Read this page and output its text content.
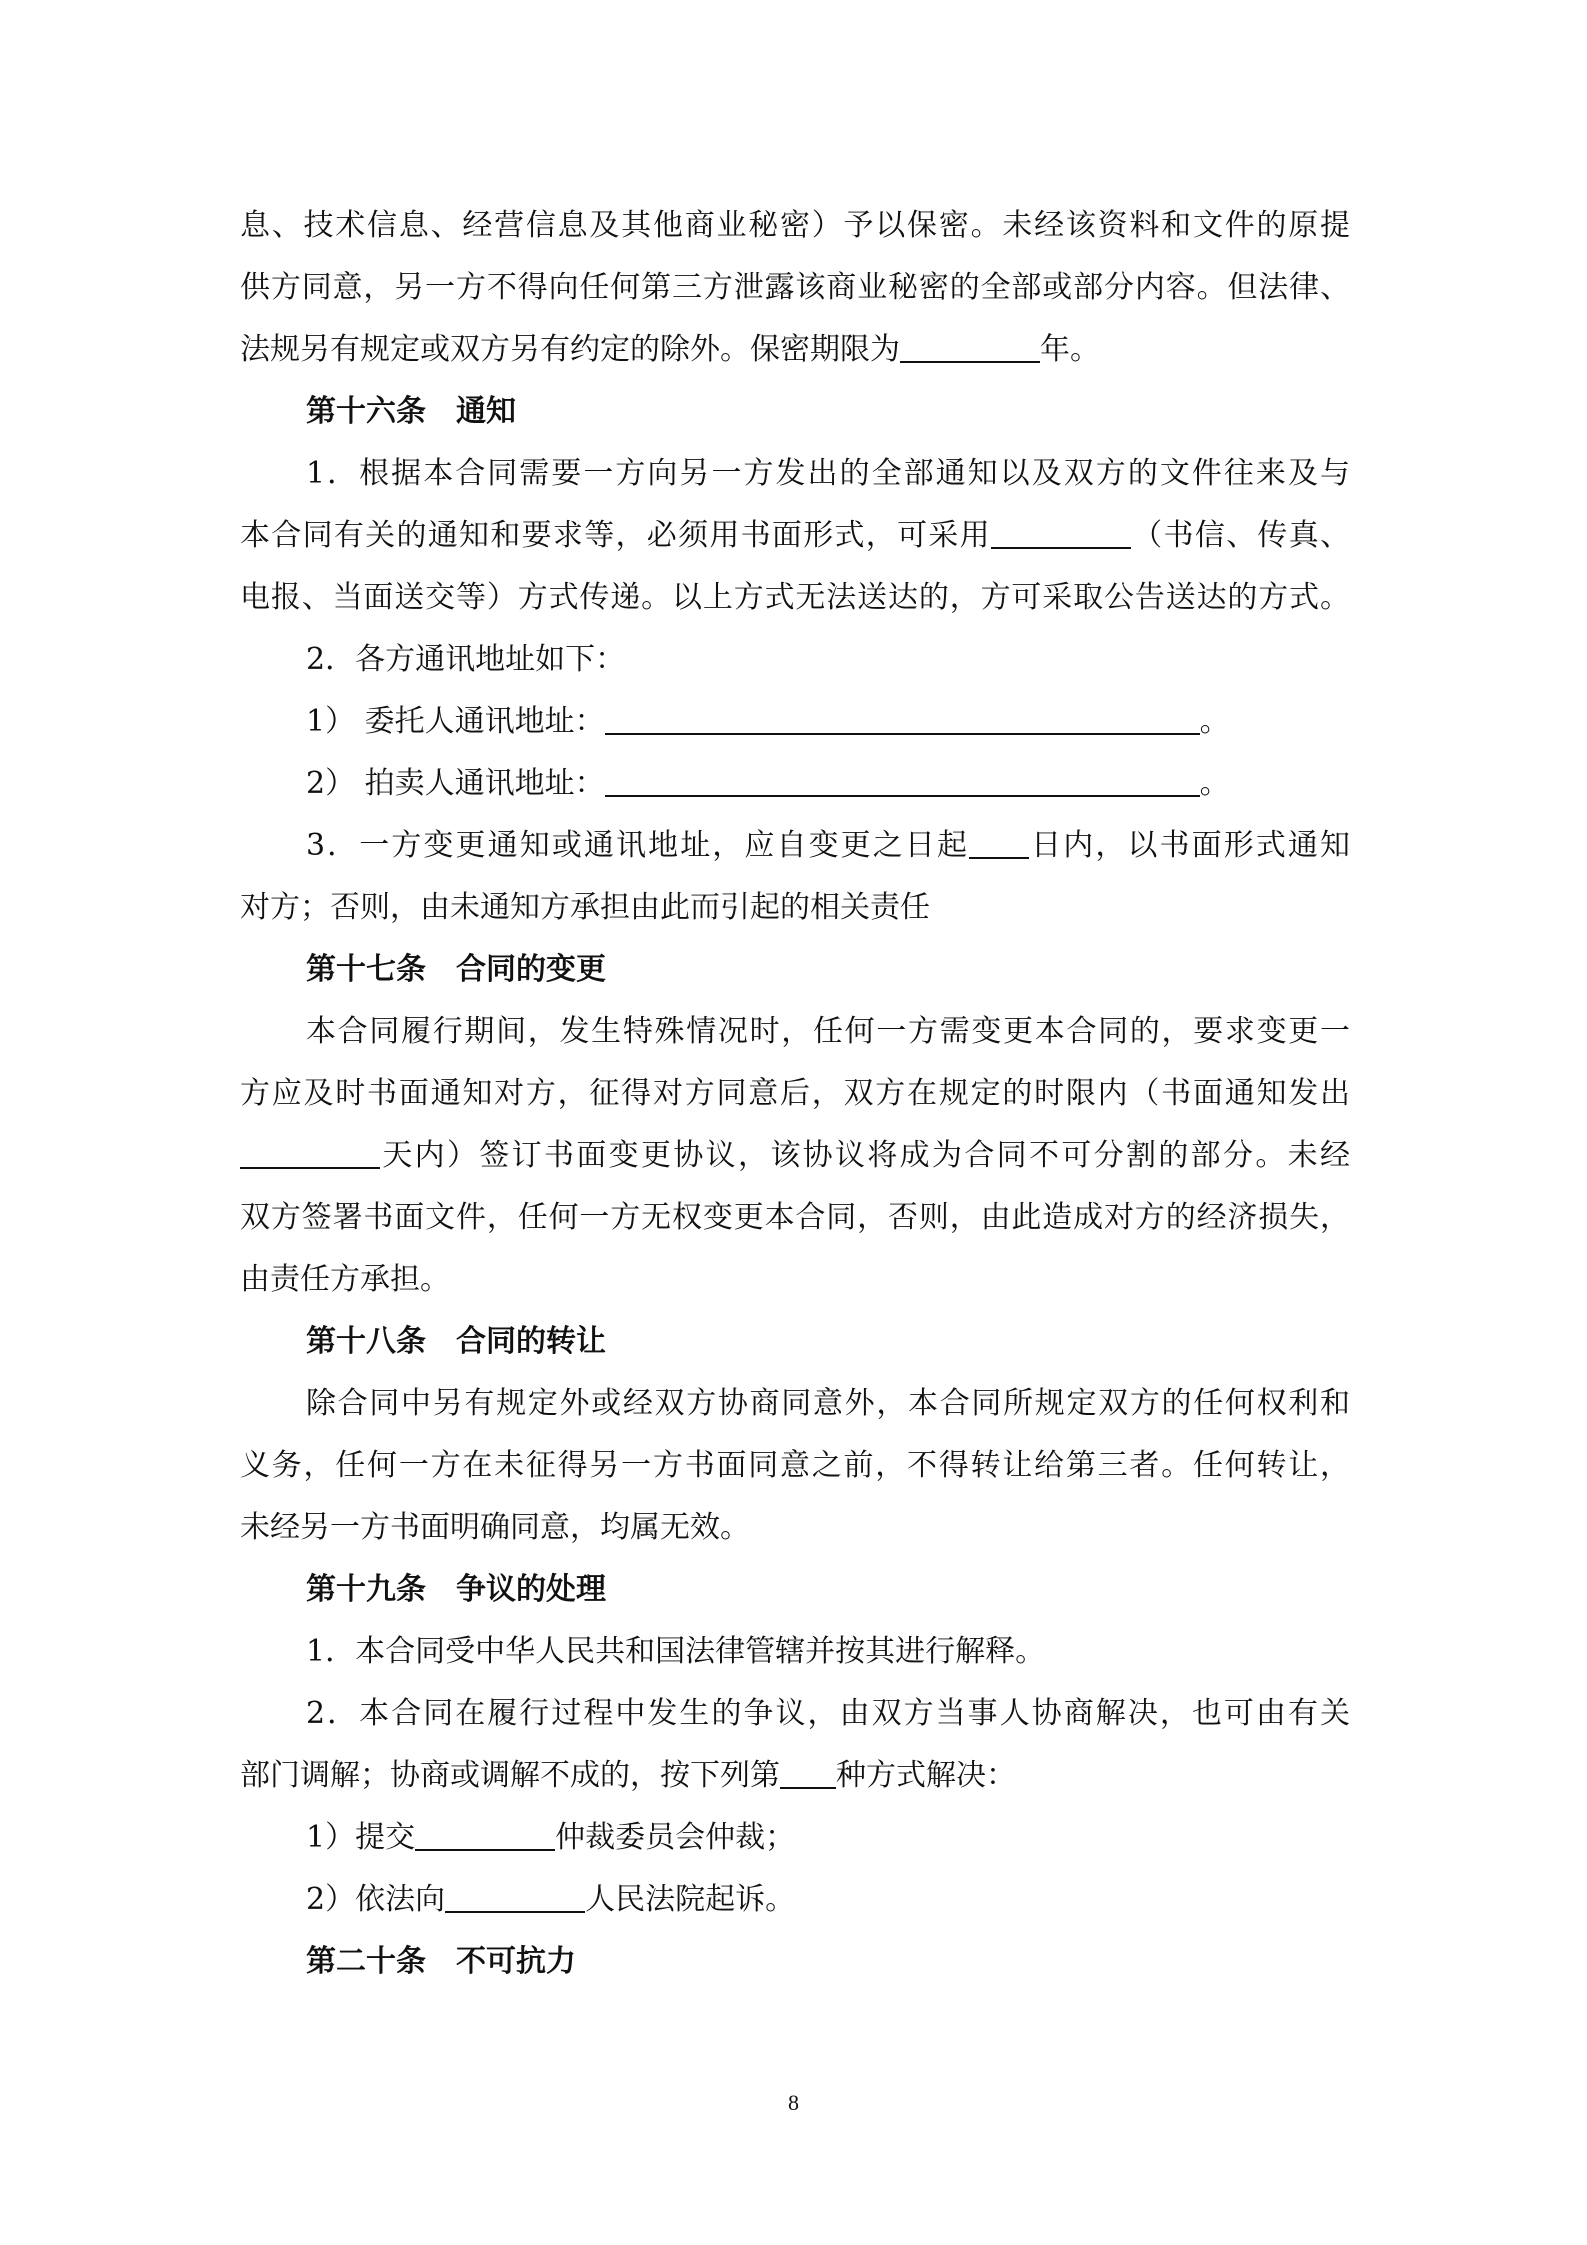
息、技术信息、经营信息及其他商业秘密）予以保密。未经该资料和文件的原提
供方同意，另一方不得向任何第三方泄露该商业秘密的全部或部分内容。但法律、
法规另有规定或双方另有约定的除外。保密期限为	年。
第十六条　通知
1．根据本合同需要一方向另一方发出的全部通知以及双方的文件往来及与
本合同有关的通知和要求等，必须用书面形式，可采用	（书信、传真、
电报、当面送交等）方式传递。以上方式无法送达的，方可采取公告送达的方式。
2．各方通讯地址如下：
1） 委托人通讯地址：	。
2） 拍卖人通讯地址：	。
3．一方变更通知或通讯地址，应自变更之日起 日内，以书面形式通知
对方；否则，由未通知方承担由此而引起的相关责任
第十七条　合同的变更
本合同履行期间，发生特殊情况时，任何一方需变更本合同的，要求变更一
方应及时书面通知对方，征得对方同意后，双方在规定的时限内（书面通知发出
天内）签订书面变更协议，该协议将成为合同不可分割的部分。未经
双方签署书面文件，任何一方无权变更本合同，否则，由此造成对方的经济损失，
由责任方承担。
第十八条　合同的转让
除合同中另有规定外或经双方协商同意外，本合同所规定双方的任何权利和
义务，任何一方在未征得另一方书面同意之前，不得转让给第三者。任何转让，
未经另一方书面明确同意，均属无效。
第十九条　争议的处理
1．本合同受中华人民共和国法律管辖并按其进行解释。
2．本合同在履行过程中发生的争议，由双方当事人协商解决，也可由有关
部门调解；协商或调解不成的，按下列第 种方式解决：
1）提交	仲裁委员会仲裁；
2）依法向	人民法院起诉。
第二十条　不可抗力
8
